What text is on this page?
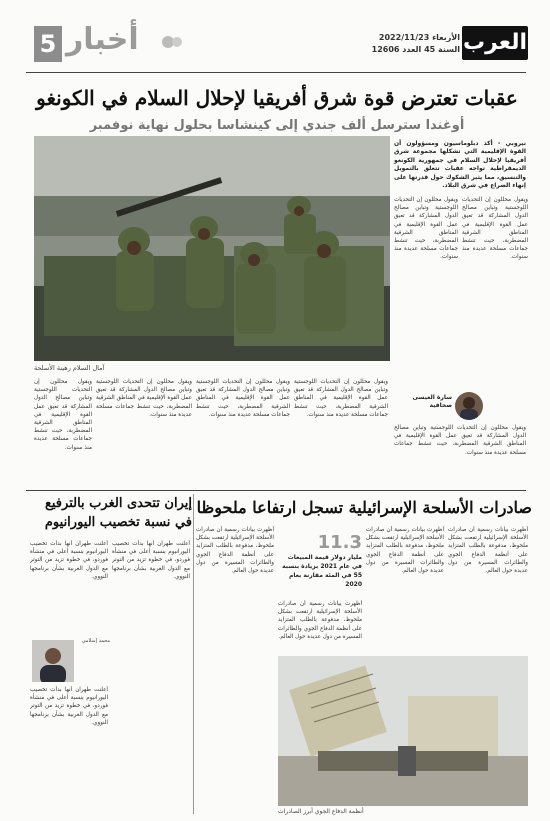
5 أخبار	الأربعاء 2022/11/23
السنة 45 العدد 12606 العرب
عقبات تعترض قوة شرق أفريقيا لإحلال السلام في الكونغو
أوغندا سترسل ألف جندي إلى كينشاسا بحلول نهاية نوفمبر
آمال السلام رهينة الأسلحة
نيروبي - أكد دبلوماسيون ومسؤولون أن القوة الإقليمية التي تشكلها مجموعة شرق أفريقيا لإحلال السلام في جمهورية الكونغو الديمقراطية تواجه عقبات تتعلق بالتمويل والتنسيق، مما يثير الشكوك حول قدرتها على إنهاء الصراع في شرق البلاد.
ويقول محللون إن التحديات اللوجستية وتباين مصالح الدول المشاركة قد تعيق عمل القوة الإقليمية في المناطق الشرقية المضطربة، حيث تنشط جماعات مسلحة عديدة منذ سنوات.
ويقول محللون إن التحديات اللوجستية وتباين مصالح الدول المشاركة قد تعيق عمل القوة الإقليمية في المناطق الشرقية المضطربة، حيث تنشط جماعات مسلحة عديدة منذ سنوات.
سارة العيسى
صحافية
ويقول محللون إن التحديات اللوجستية وتباين مصالح الدول المشاركة قد تعيق عمل القوة الإقليمية في المناطق الشرقية المضطربة، حيث تنشط جماعات مسلحة عديدة منذ سنوات.
ويقول محللون إن التحديات اللوجستية وتباين مصالح الدول المشاركة قد تعيق عمل القوة الإقليمية في المناطق الشرقية المضطربة، حيث تنشط جماعات مسلحة عديدة منذ سنوات.
ويقول محللون إن التحديات اللوجستية وتباين مصالح الدول المشاركة قد تعيق عمل القوة الإقليمية في المناطق الشرقية المضطربة، حيث تنشط جماعات مسلحة عديدة منذ سنوات.
ويقول محللون إن التحديات اللوجستية وتباين مصالح الدول المشاركة قد تعيق عمل القوة الإقليمية في المناطق الشرقية المضطربة، حيث تنشط جماعات مسلحة عديدة منذ سنوات.
ويقول محللون إن التحديات اللوجستية وتباين مصالح الدول المشاركة قد تعيق عمل القوة الإقليمية في المناطق الشرقية المضطربة، حيث تنشط جماعات مسلحة عديدة منذ سنوات.
صادرات الأسلحة الإسرائيلية تسجل ارتفاعا ملحوظا
أظهرت بيانات رسمية أن صادرات الأسلحة الإسرائيلية ارتفعت بشكل ملحوظ، مدفوعة بالطلب المتزايد على أنظمة الدفاع الجوي والطائرات المسيرة من دول عديدة حول العالم.
أظهرت بيانات رسمية أن صادرات الأسلحة الإسرائيلية ارتفعت بشكل ملحوظ، مدفوعة بالطلب المتزايد على أنظمة الدفاع الجوي والطائرات المسيرة من دول عديدة حول العالم.
11.3
مليار دولار قيمة المبيعات في عام 2021 بزيادة بنسبة 55 في المئة مقارنة بعام 2020
أظهرت بيانات رسمية أن صادرات الأسلحة الإسرائيلية ارتفعت بشكل ملحوظ، مدفوعة بالطلب المتزايد على أنظمة الدفاع الجوي والطائرات المسيرة من دول عديدة حول العالم.
أظهرت بيانات رسمية أن صادرات الأسلحة الإسرائيلية ارتفعت بشكل ملحوظ، مدفوعة بالطلب المتزايد على أنظمة الدفاع الجوي والطائرات المسيرة من دول عديدة حول العالم.
أنظمة الدفاع الجوي أبرز الصادرات
إيران تتحدى الغرب بالترفيع في نسبة تخصيب اليورانيوم
أعلنت طهران أنها بدأت تخصيب اليورانيوم بنسبة أعلى في منشأة فوردو، في خطوة تزيد من التوتر مع الدول الغربية بشأن برنامجها النووي.
أعلنت طهران أنها بدأت تخصيب اليورانيوم بنسبة أعلى في منشأة فوردو، في خطوة تزيد من التوتر مع الدول الغربية بشأن برنامجها النووي.
محمد إسلامي
أعلنت طهران أنها بدأت تخصيب اليورانيوم بنسبة أعلى في منشأة فوردو، في خطوة تزيد من التوتر مع الدول الغربية بشأن برنامجها النووي.
